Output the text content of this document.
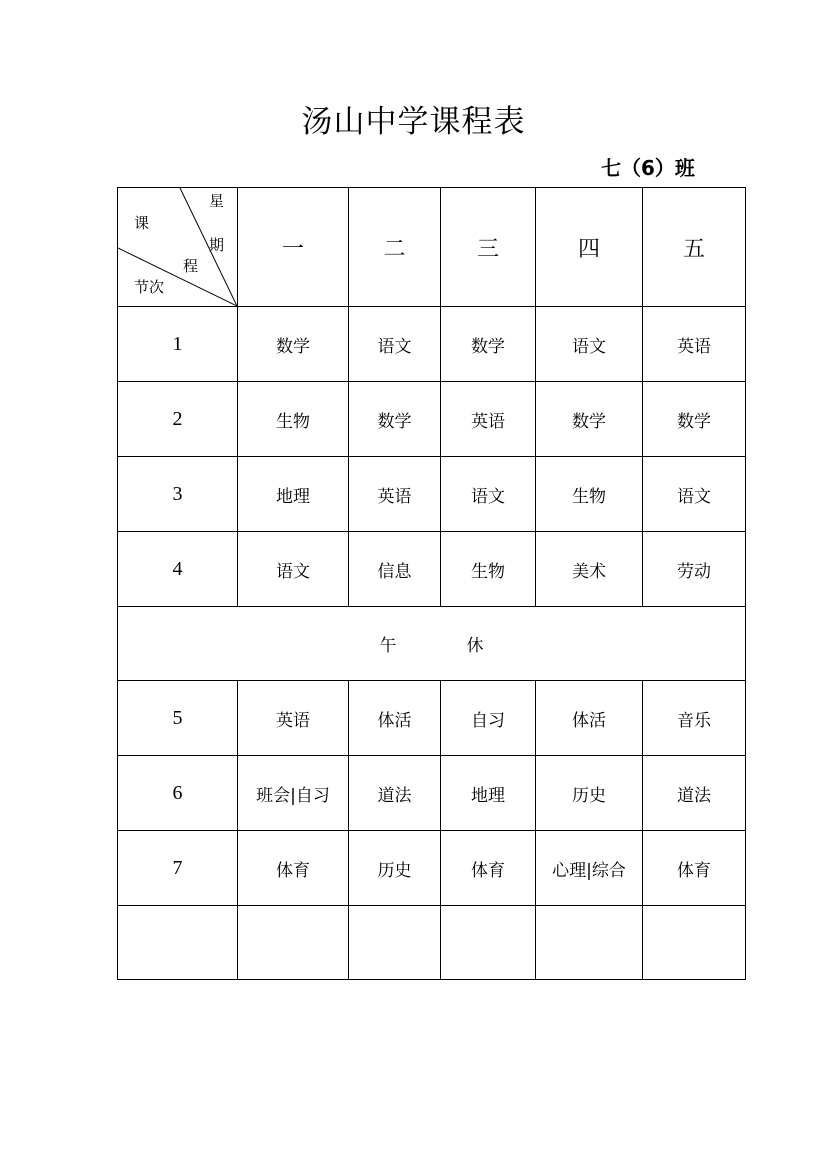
汤山中学课程表
七（6）班
星
期
课
程
节次	一	二	三	四	五
1	数学	语文	数学	语文	英语
2	生物	数学	英语	数学	数学
3	地理	英语	语文	生物	语文
4	语文	信息	生物	美术	劳动

午 休					

5	英语	体活	自习	体活	音乐
6	班会|自习	道法	地理	历史	道法
7	体育	历史	体育	心理|综合	体育
